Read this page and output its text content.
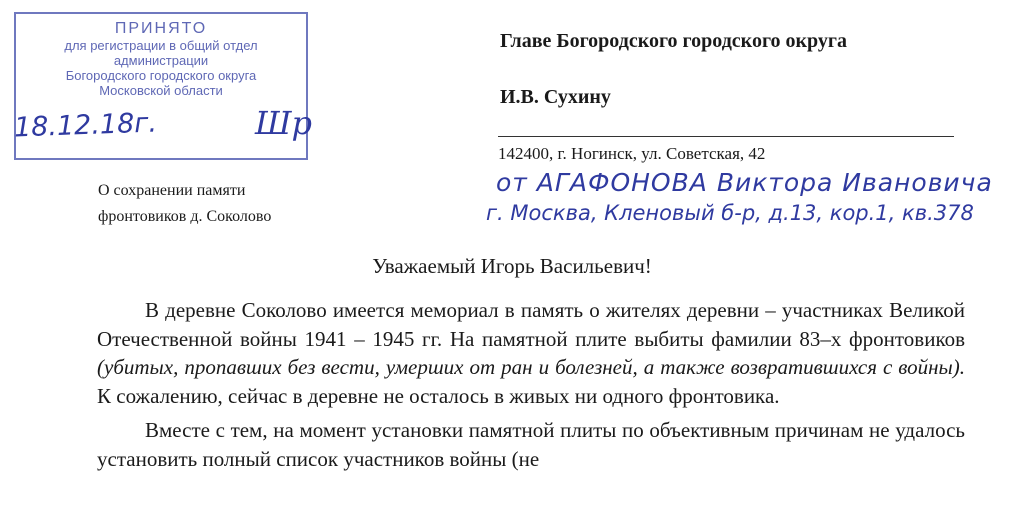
ПРИНЯТО
для регистрации в общий отдел
администрации
Богородского городского округа
Московской области
18.12.18г.	Шр
Главе Богородского городского округа
И.В. Сухину
142400, г. Ногинск, ул. Советская, 42
от АГАФОНОВА Виктора Ивановича
г. Москва, Кленовый б-р, д.13, кор.1, кв.378
О сохранении памяти
фронтовиков д. Соколово
Уважаемый Игорь Васильевич!

В деревне Соколово имеется мемориал в память о жителях деревни – участниках Великой Отечественной войны 1941 – 1945 гг. На памятной плите выбиты фамилии 83–х фронтовиков (убитых, пропавших без вести, умерших от ран и болезней, а также возвратившихся с войны). К сожалению, сейчас в деревне не осталось в живых ни одного фронтовика.

Вместе с тем, на момент установки памятной плиты по объективным причинам не удалось установить полный список участников войны (не
